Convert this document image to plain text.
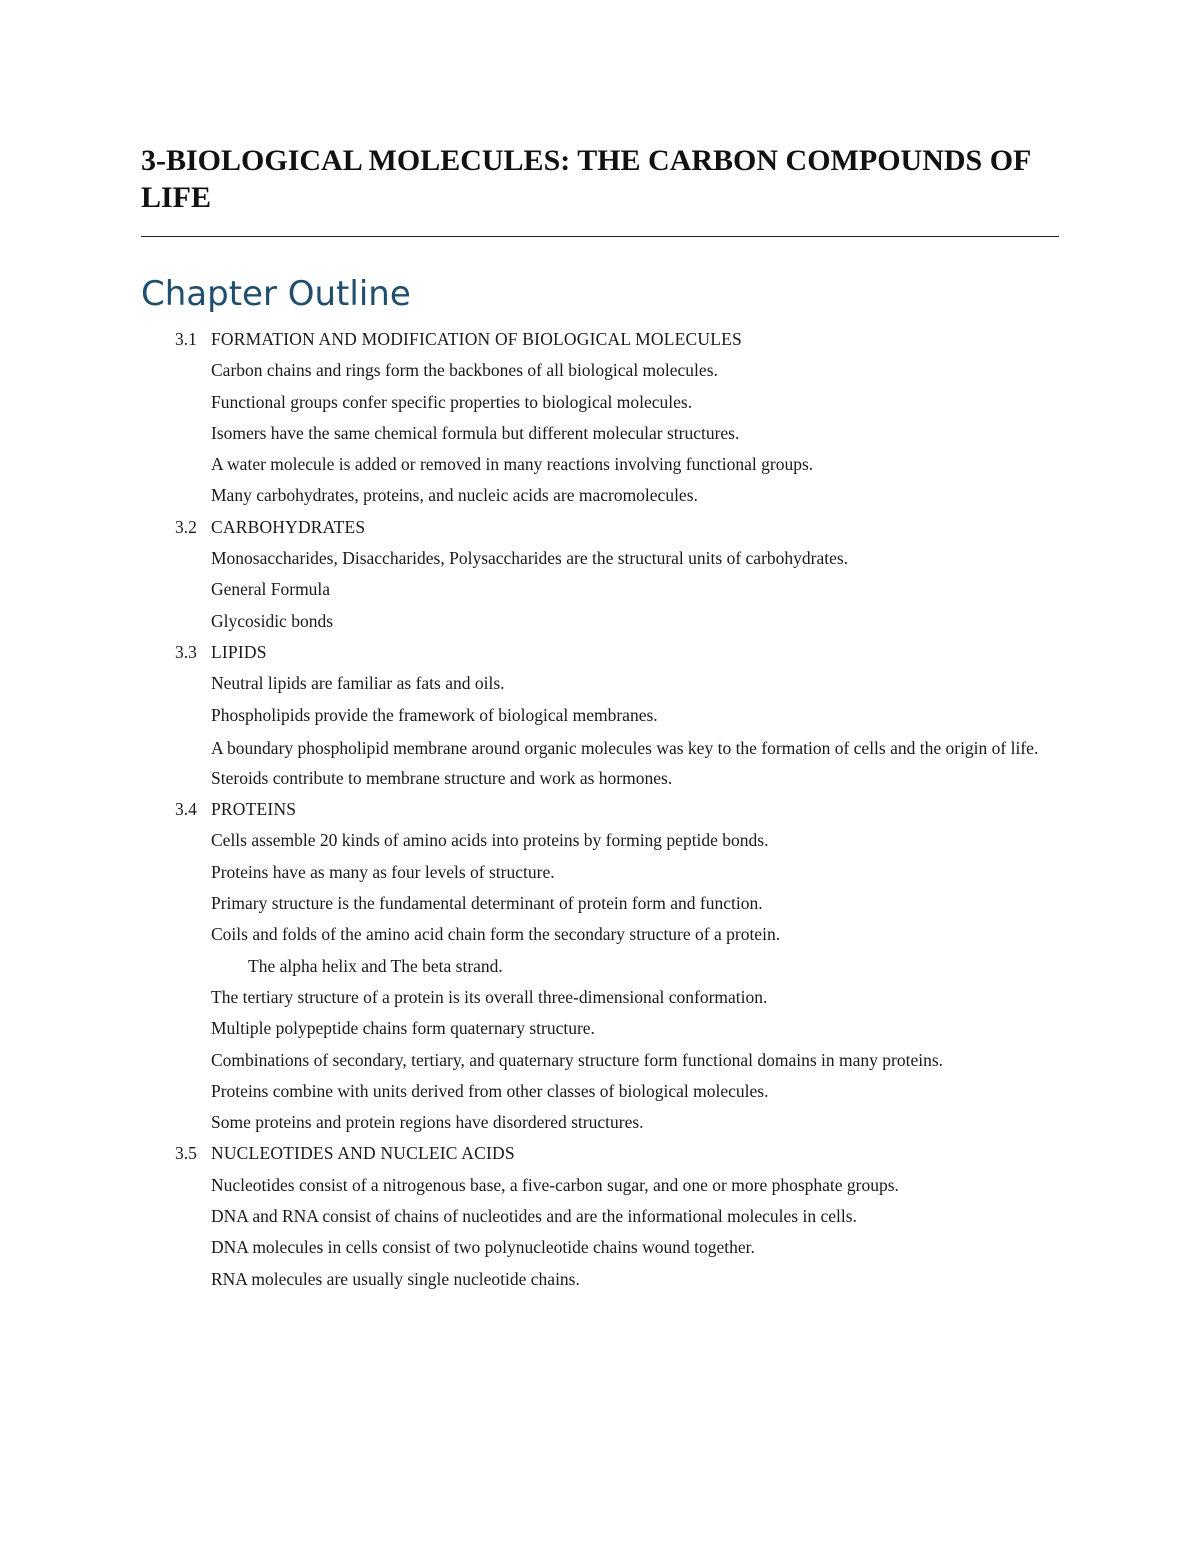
3-BIOLOGICAL MOLECULES: THE CARBON COMPOUNDS OF LIFE
Chapter Outline
3.1 FORMATION AND MODIFICATION OF BIOLOGICAL MOLECULES
Carbon chains and rings form the backbones of all biological molecules.
Functional groups confer specific properties to biological molecules.
Isomers have the same chemical formula but different molecular structures.
A water molecule is added or removed in many reactions involving functional groups.
Many carbohydrates, proteins, and nucleic acids are macromolecules.
3.2 CARBOHYDRATES
Monosaccharides, Disaccharides, Polysaccharides are the structural units of carbohydrates.
General Formula
Glycosidic bonds
3.3 LIPIDS
Neutral lipids are familiar as fats and oils.
Phospholipids provide the framework of biological membranes.
A boundary phospholipid membrane around organic molecules was key to the formation of cells and the origin of life.
Steroids contribute to membrane structure and work as hormones.
3.4 PROTEINS
Cells assemble 20 kinds of amino acids into proteins by forming peptide bonds.
Proteins have as many as four levels of structure.
Primary structure is the fundamental determinant of protein form and function.
Coils and folds of the amino acid chain form the secondary structure of a protein.
The alpha helix and The beta strand.
The tertiary structure of a protein is its overall three-dimensional conformation.
Multiple polypeptide chains form quaternary structure.
Combinations of secondary, tertiary, and quaternary structure form functional domains in many proteins.
Proteins combine with units derived from other classes of biological molecules.
Some proteins and protein regions have disordered structures.
3.5 NUCLEOTIDES AND NUCLEIC ACIDS
Nucleotides consist of a nitrogenous base, a five-carbon sugar, and one or more phosphate groups.
DNA and RNA consist of chains of nucleotides and are the informational molecules in cells.
DNA molecules in cells consist of two polynucleotide chains wound together.
RNA molecules are usually single nucleotide chains.
